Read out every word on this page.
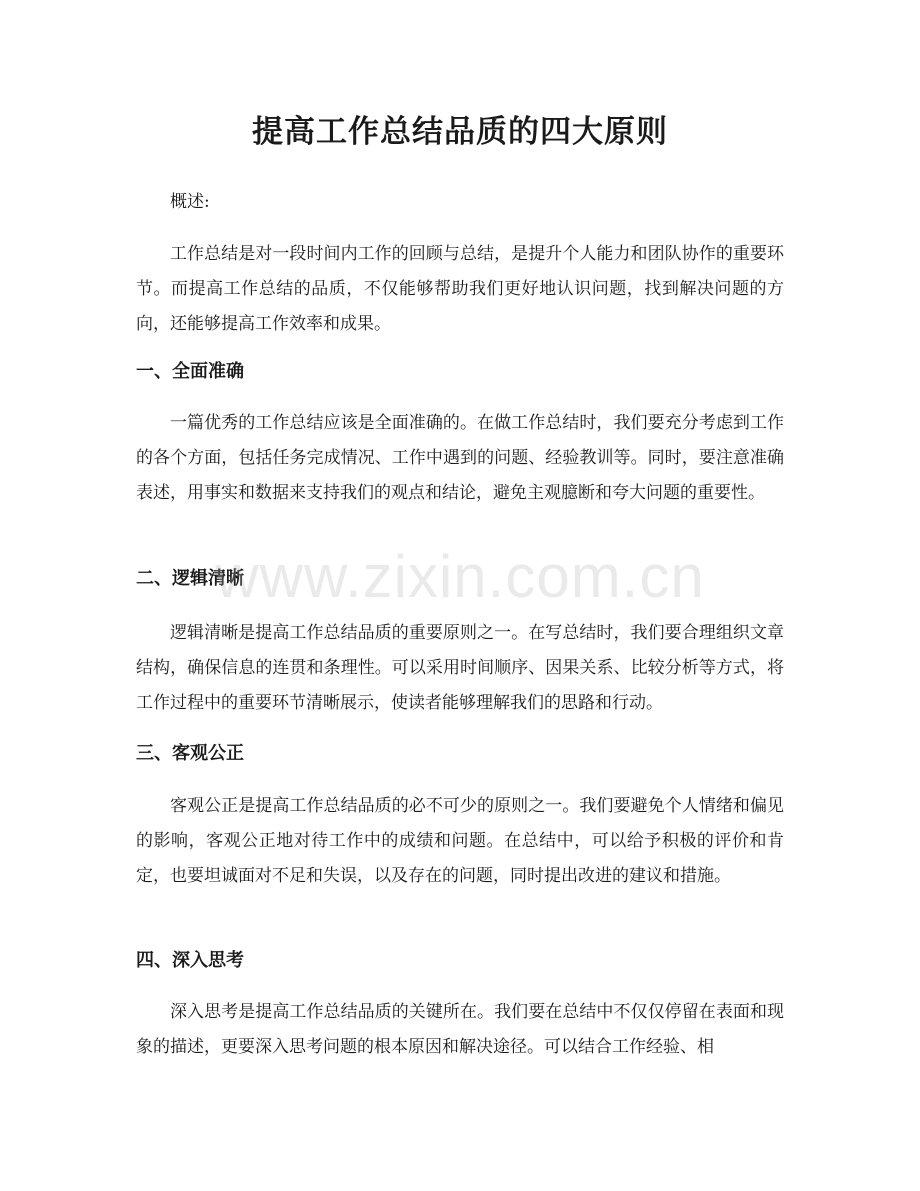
www.zixin.com.cn
提高工作总结品质的四大原则

概述:

工作总结是对一段时间内工作的回顾与总结，是提升个人能力和团队协作的重要环节。而提高工作总结的品质，不仅能够帮助我们更好地认识问题，找到解决问题的方向，还能够提高工作效率和成果。

一、全面准确

一篇优秀的工作总结应该是全面准确的。在做工作总结时，我们要充分考虑到工作的各个方面，包括任务完成情况、工作中遇到的问题、经验教训等。同时，要注意准确表述，用事实和数据来支持我们的观点和结论，避免主观臆断和夸大问题的重要性。

二、逻辑清晰

逻辑清晰是提高工作总结品质的重要原则之一。在写总结时，我们要合理组织文章结构，确保信息的连贯和条理性。可以采用时间顺序、因果关系、比较分析等方式，将工作过程中的重要环节清晰展示，使读者能够理解我们的思路和行动。

三、客观公正

客观公正是提高工作总结品质的必不可少的原则之一。我们要避免个人情绪和偏见的影响，客观公正地对待工作中的成绩和问题。在总结中，可以给予积极的评价和肯定，也要坦诚面对不足和失误，以及存在的问题，同时提出改进的建议和措施。

四、深入思考

深入思考是提高工作总结品质的关键所在。我们要在总结中不仅仅停留在表面和现象的描述，更要深入思考问题的根本原因和解决途径。可以结合工作经验、相
